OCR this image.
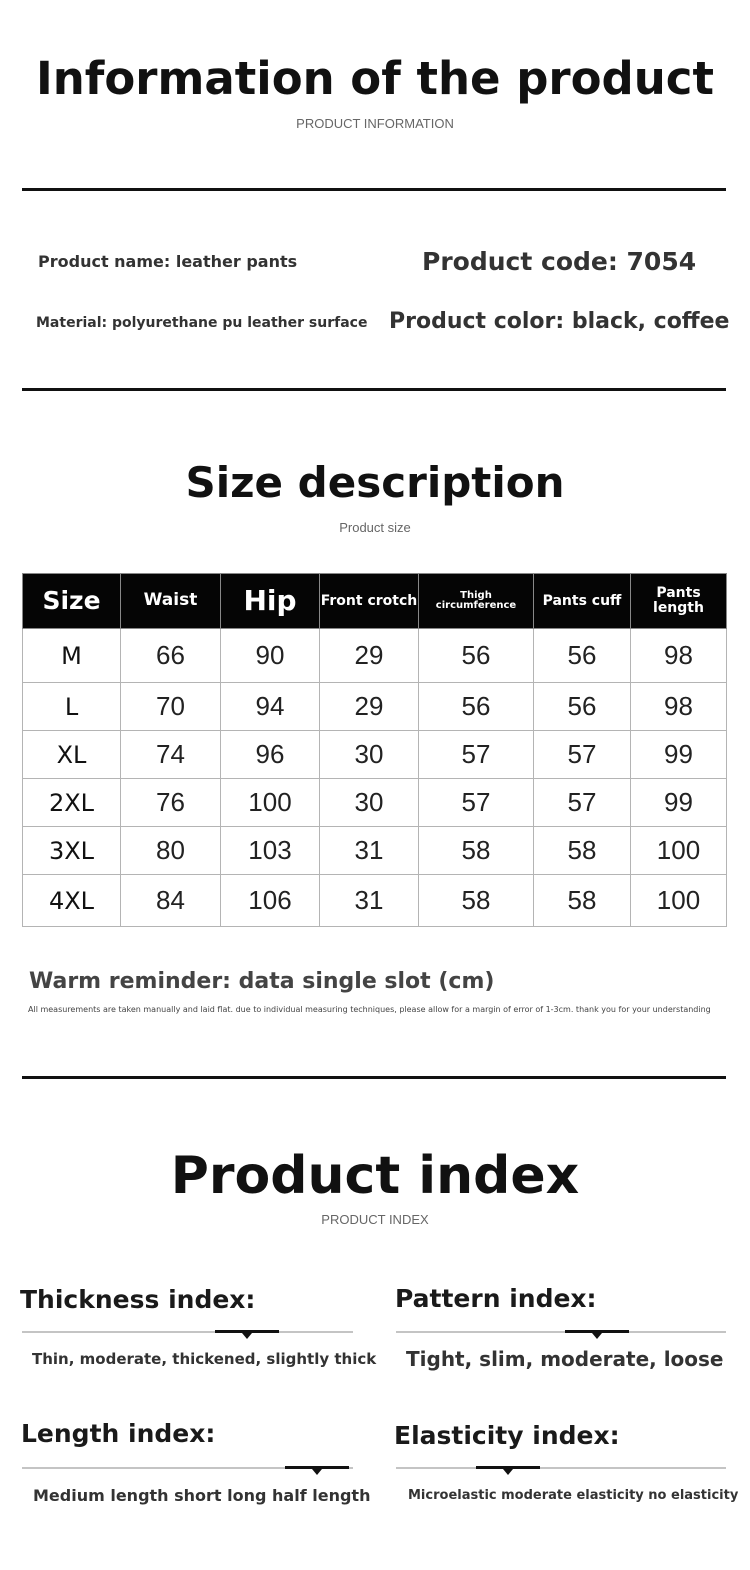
Information of the product
PRODUCT INFORMATION
Product name: leather pants	Product code: 7054
Material: polyurethane pu leather surface Product color: black, coffee
Size description
Product size
Size	Waist	Hip	Front crotch	Thigh circumference	Pants cuff	Pants length
M	66	90	29	56	56	98
L	70	94	29	56	56	98
XL	74	96	30	57	57	99
2XL	76	100	30	57	57	99
3XL	80	103	31	58	58	100
4XL	84	106	31	58	58	100
Warm reminder: data single slot (cm)
All measurements are taken manually and laid flat. due to individual measuring techniques, please allow for a margin of error of 1-3cm. thank you for your understanding
Product index
PRODUCT INDEX
Thickness index:
Thin, moderate, thickened, slightly thick
Pattern index:
Tight, slim, moderate, loose
Length index:
Medium length short long half length
Elasticity index:
Microelastic moderate elasticity no elasticity
